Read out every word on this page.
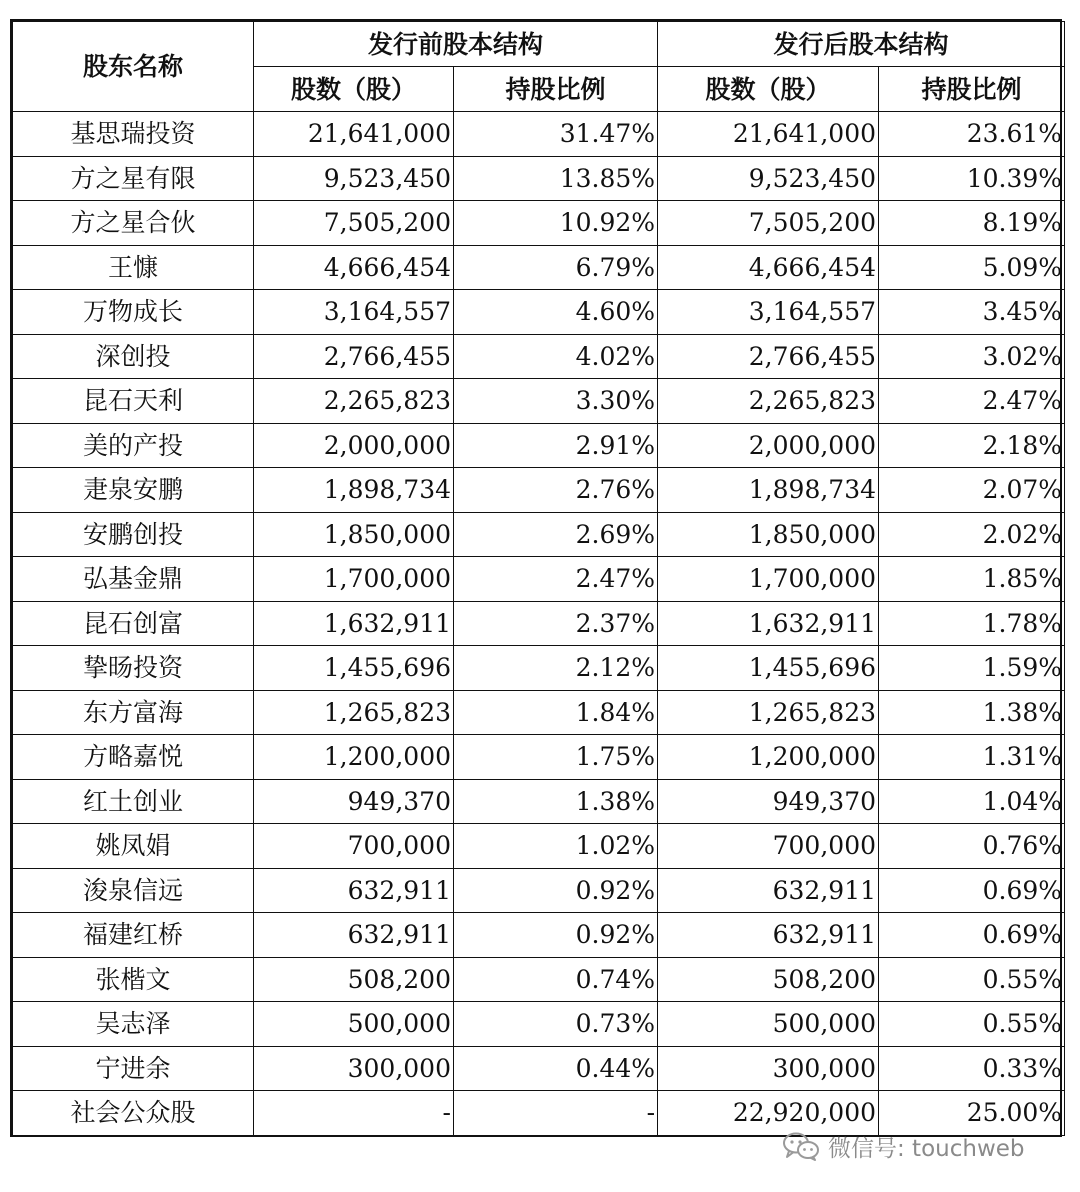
股东名称	发行前股本结构		发行后股本结构	
	股数（股）	持股比例	股数（股）	持股比例
基思瑞投资	21,641,000	31.47%	21,641,000	23.61%
方之星有限	9,523,450	13.85%	9,523,450	10.39%
方之星合伙	7,505,200	10.92%	7,505,200	8.19%
王慷	4,666,454	6.79%	4,666,454	5.09%
万物成长	3,164,557	4.60%	3,164,557	3.45%
深创投	2,766,455	4.02%	2,766,455	3.02%
昆石天利	2,265,823	3.30%	2,265,823	2.47%
美的产投	2,000,000	2.91%	2,000,000	2.18%
疌泉安鹏	1,898,734	2.76%	1,898,734	2.07%
安鹏创投	1,850,000	2.69%	1,850,000	2.02%
弘基金鼎	1,700,000	2.47%	1,700,000	1.85%
昆石创富	1,632,911	2.37%	1,632,911	1.78%
挚旸投资	1,455,696	2.12%	1,455,696	1.59%
东方富海	1,265,823	1.84%	1,265,823	1.38%
方略嘉悦	1,200,000	1.75%	1,200,000	1.31%
红土创业	949,370	1.38%	949,370	1.04%
姚凤娟	700,000	1.02%	700,000	0.76%
浚泉信远	632,911	0.92%	632,911	0.69%
福建红桥	632,911	0.92%	632,911	0.69%
张楷文	508,200	0.74%	508,200	0.55%
吴志泽	500,000	0.73%	500,000	0.55%
宁进余	300,000	0.44%	300,000	0.33%
社会公众股	-	-	22,920,000	25.00%
微信号: touchweb
